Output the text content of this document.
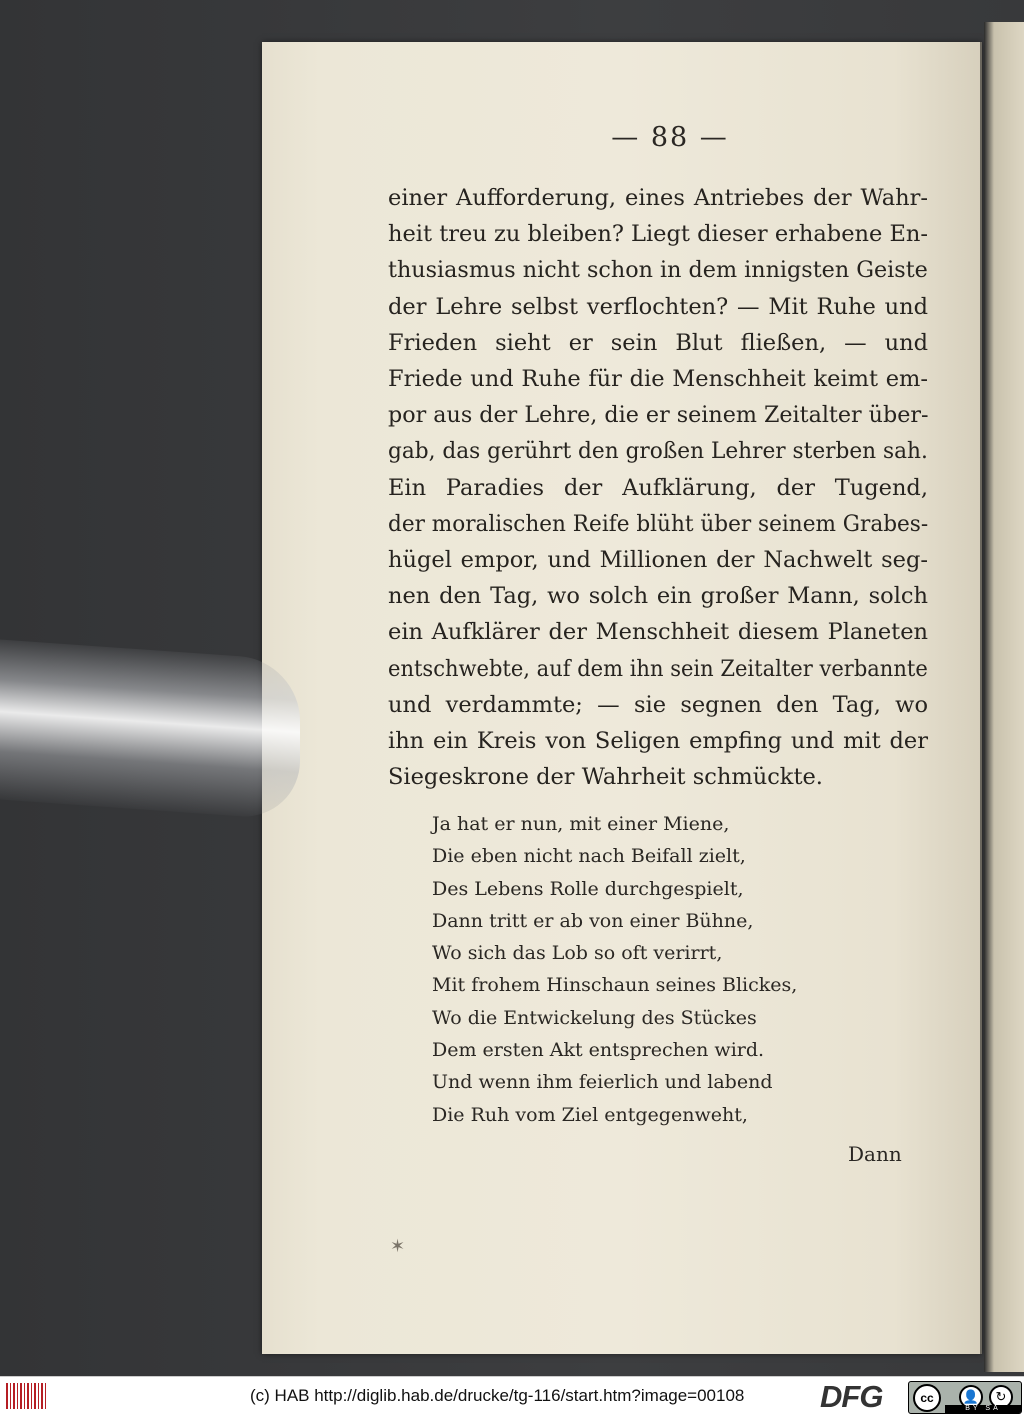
— 88 —

einer Aufforderung, eines Antriebes der Wahr-
heit treu zu bleiben? Liegt dieser erhabene En-
thusiasmus nicht schon in dem innigsten Geiste
der Lehre selbst verflochten? — Mit Ruhe und
Frieden sieht er sein Blut fließen, — und
Friede und Ruhe für die Menschheit keimt em-
por aus der Lehre, die er seinem Zeitalter über-
gab, das gerührt den großen Lehrer sterben sah.
Ein Paradies der Aufklärung, der Tugend,
der moralischen Reife blüht über seinem Grabes-
hügel empor, und Millionen der Nachwelt seg-
nen den Tag, wo solch ein großer Mann, solch
ein Aufklärer der Menschheit diesem Planeten
entschwebte, auf dem ihn sein Zeitalter verbannte
und verdammte; — sie segnen den Tag, wo
ihn ein Kreis von Seligen empfing und mit der
Siegeskrone der Wahrheit schmückte.

Ja hat er nun, mit einer Miene,
Die eben nicht nach Beifall zielt,
Des Lebens Rolle durchgespielt,
Dann tritt er ab von einer Bühne,
Wo sich das Lob so oft verirrt,
Mit frohem Hinschaun seines Blickes,
Wo die Entwickelung des Stückes
Dem ersten Akt entsprechen wird.
Und wenn ihm feierlich und labend
Die Ruh vom Ziel entgegenweht,
Dann
✶
(c) HAB http://diglib.hab.de/drucke/tg-116/start.htm?image=00108 DFG	cc	👤	↻
BY SA
